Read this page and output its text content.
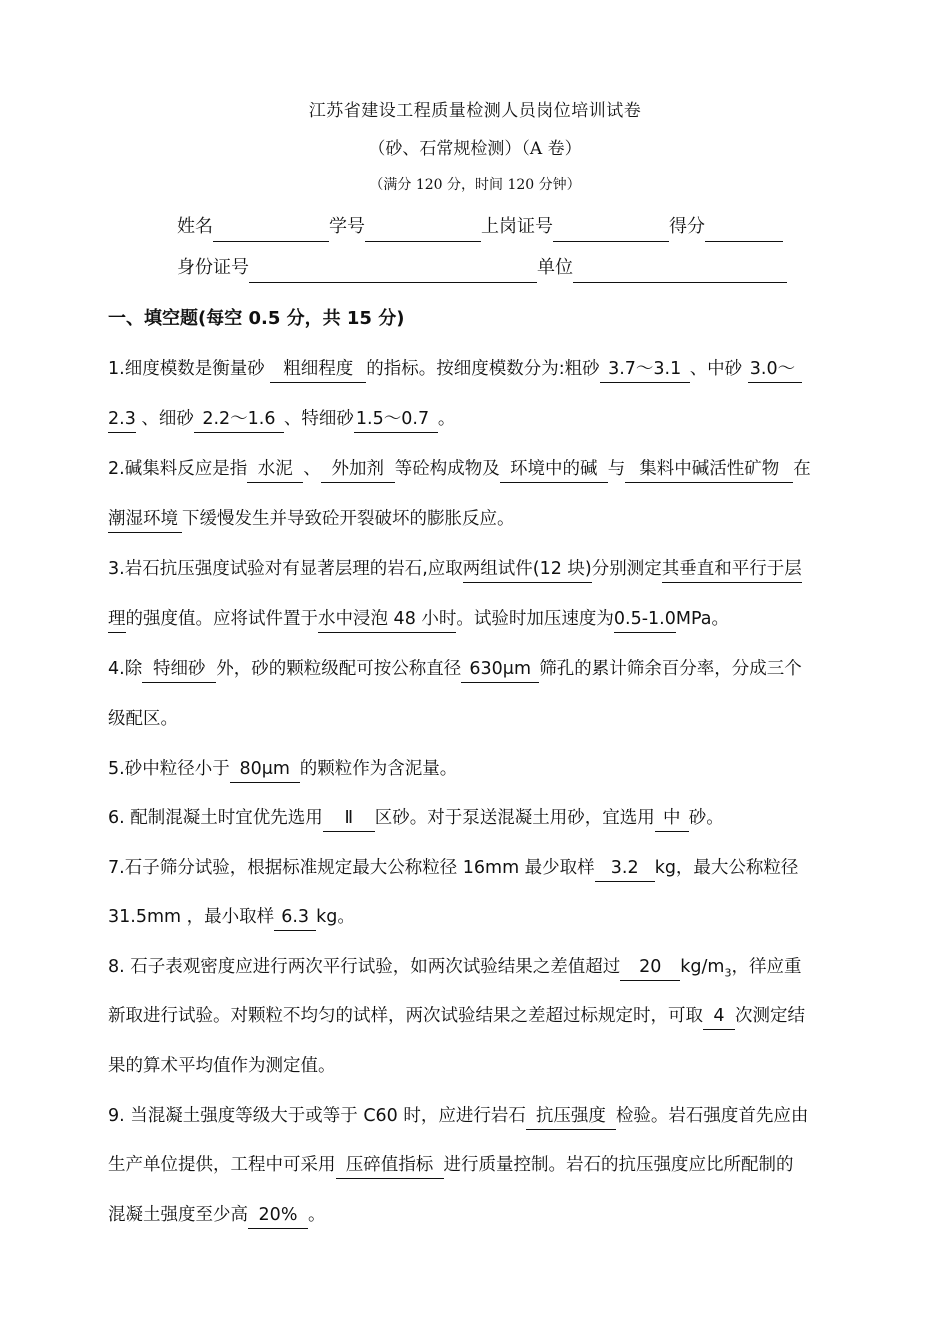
江苏省建设工程质量检测人员岗位培训试卷
（砂、石常规检测）（A 卷）
（满分 120 分，时间 120 分钟）
姓名	学号	上岗证号	得分
身份证号	单位
一、填空题(每空 0.5 分，共 15 分)
1.细度模数是衡量砂 粗细程度 的指标。按细度模数分为:粗砂 3.7～3.1 、中砂 3.0～
2.3 、细砂 2.2～1.6 、特细砂 1.5～0.7 。
2.碱集料反应是指 水泥 、 外加剂 等砼构成物及 环境中的碱 与 集料中碱活性矿物 在
潮湿环境 下缓慢发生并导致砼开裂破坏的膨胀反应。
3.岩石抗压强度试验对有显著层理的岩石,应取两组试件(12 块)分别测定其垂直和平行于层
理的强度值。应将试件置于水中浸泡 48 小时。试验时加压速度为0.5-1.0MPa。
4.除 特细砂 外，砂的颗粒级配可按公称直径 630μm 筛孔的累计筛余百分率，分成三个
级配区。
5.砂中粒径小于 80μm 的颗粒作为含泥量。
6. 配制混凝土时宜优先选用 Ⅱ 区砂。对于泵送混凝土用砂，宜选用 中 砂。
7.石子筛分试验，根据标准规定最大公称粒径 16mm 最少取样 3.2 kg，最大公称粒径
31.5mm ，最小取样 6.3 kg。
8. 石子表观密度应进行两次平行试验，如两次试验结果之差值超过 20 $kg/m_3$，徉应重
新取进行试验。对颗粒不均匀的试样，两次试验结果之差超过标规定时，可取 4 次测定结
果的算术平均值作为测定值。
9. 当混凝土强度等级大于或等于 C60 时，应进行岩石 抗压强度 检验。岩石强度首先应由
生产单位提供，工程中可采用 压碎值指标 进行质量控制。岩石的抗压强度应比所配制的
混凝土强度至少高 20% 。
